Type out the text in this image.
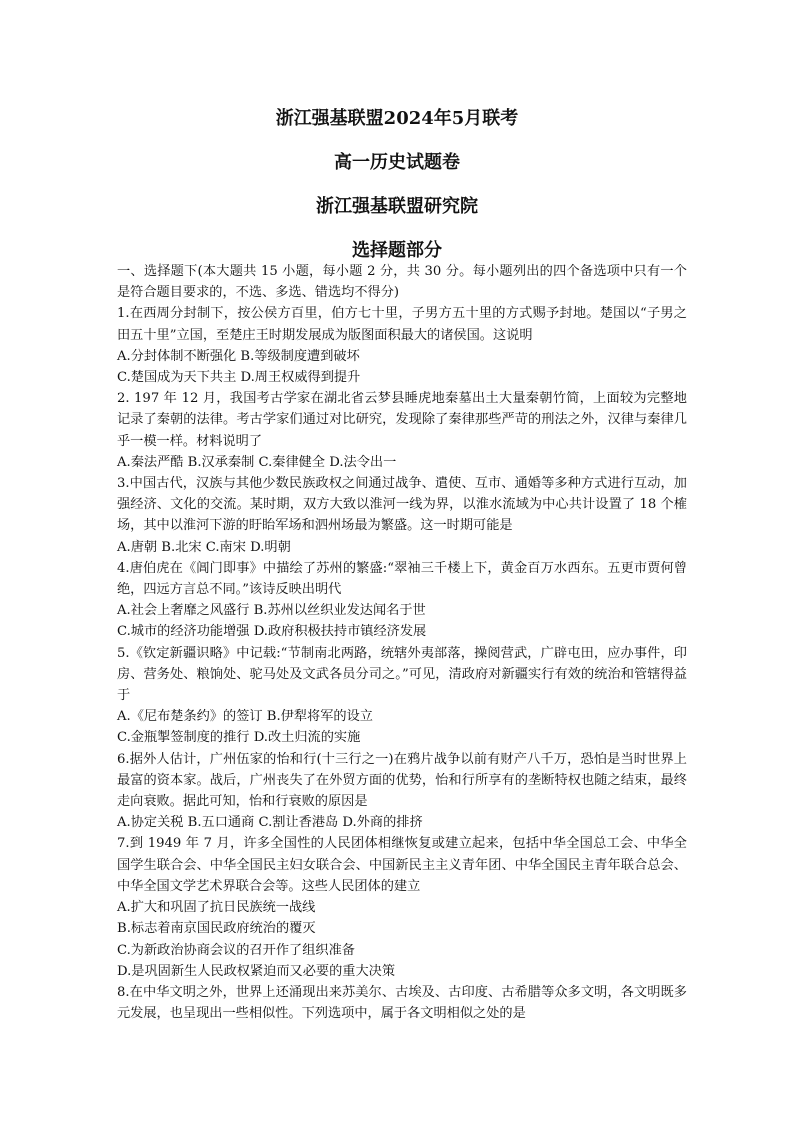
浙江强基联盟2024年5月联考
高一历史试题卷
浙江强基联盟研究院
选择题部分

一、选择题下(本大题共 15 小题，每小题 2 分，共 30 分。每小题列出的四个备选项中只有一个是符合题目要求的，不选、多选、错选均不得分)

1.在西周分封制下，按公侯方百里，伯方七十里，子男方五十里的方式赐予封地。楚国以“子男之田五十里”立国，至楚庄王时期发展成为版图面积最大的诸侯国。这说明

A.分封体制不断强化 B.等级制度遭到破坏

C.楚国成为天下共主 D.周王权威得到提升

2. 197 年 12 月，我国考古学家在湖北省云梦县睡虎地秦墓出土大量秦朝竹简，上面较为完整地记录了秦朝的法律。考古学家们通过对比研究，发现除了秦律那些严苛的刑法之外，汉律与秦律几乎一模一样。材料说明了

A.秦法严酷 B.汉承秦制 C.秦律健全 D.法令出一

3.中国古代，汉族与其他少数民族政权之间通过战争、遣使、互市、通婚等多种方式进行互动，加强经济、文化的交流。某时期，双方大致以淮河一线为界，以淮水流域为中心共计设置了 18 个榷场，其中以淮河下游的盱眙军场和泗州场最为繁盛。这一时期可能是

A.唐朝 B.北宋 C.南宋 D.明朝

4.唐伯虎在《阊门即事》中描绘了苏州的繁盛:“翠袖三千楼上下，黄金百万水西东。五更市贾何曾绝，四远方言总不同。”该诗反映出明代

A.社会上奢靡之风盛行 B.苏州以丝织业发达闻名于世

C.城市的经济功能增强 D.政府积极扶持市镇经济发展

5.《钦定新疆识略》中记载:“节制南北两路，统辖外夷部落，操阅营武，广辟屯田，应办事件，印房、营务处、粮饷处、驼马处及文武各员分司之。”可见，清政府对新疆实行有效的统治和管辖得益于

A.《尼布楚条约》的签订 B.伊犁将军的设立

C.金瓶掣签制度的推行 D.改土归流的实施

6.据外人估计，广州伍家的怡和行(十三行之一)在鸦片战争以前有财产八千万，恐怕是当时世界上最富的资本家。战后，广州丧失了在外贸方面的优势，怡和行所享有的垄断特权也随之结束，最终走向衰败。据此可知，怡和行衰败的原因是

A.协定关税 B.五口通商 C.割让香港岛 D.外商的排挤

7.到 1949 年 7 月，许多全国性的人民团体相继恢复或建立起来，包括中华全国总工会、中华全国学生联合会、中华全国民主妇女联合会、中国新民主主义青年团、中华全国民主青年联合总会、中华全国文学艺术界联合会等。这些人民团体的建立

A.扩大和巩固了抗日民族统一战线

B.标志着南京国民政府统治的覆灭

C.为新政治协商会议的召开作了组织准备

D.是巩固新生人民政权紧迫而又必要的重大决策

8.在中华文明之外，世界上还涌现出来苏美尔、古埃及、古印度、古希腊等众多文明，各文明既多元发展，也呈现出一些相似性。下列选项中，属于各文明相似之处的是
